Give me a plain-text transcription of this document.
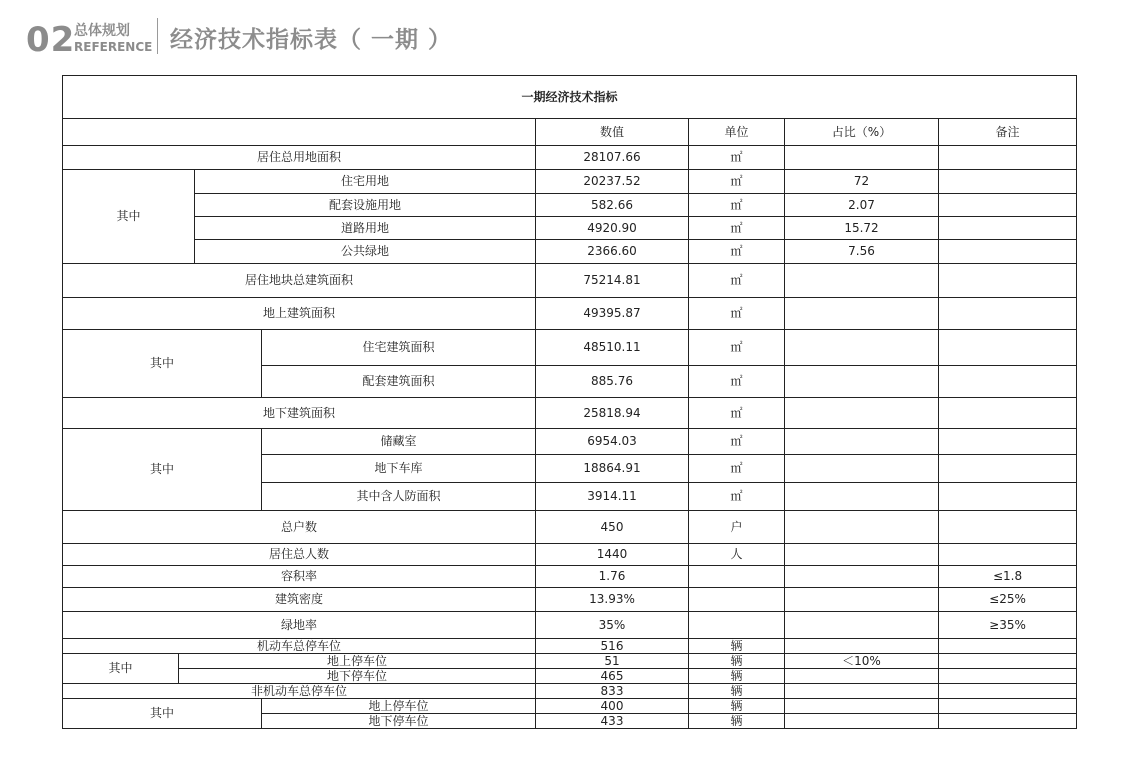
02
总体规划
REFERENCE 经济技术指标表（ 一期 ）
一期经济技术指标							
				数值	单位	占比（%）	备注
居住总用地面积				28107.66	㎡		
其中		住宅用地		20237.52	㎡	72	
		配套设施用地		582.66	㎡	2.07	
		道路用地		4920.90	㎡	15.72	
		公共绿地		2366.60	㎡	7.56	
居住地块总建筑面积				75214.81	㎡		
地上建筑面积				49395.87	㎡		
其中			住宅建筑面积	48510.11	㎡		
			配套建筑面积	885.76	㎡		
地下建筑面积				25818.94	㎡		
其中			储藏室	6954.03	㎡		
			地下车库	18864.91	㎡		
			其中含人防面积	3914.11	㎡		
总户数				450	户		
居住总人数				1440	人		
容积率				1.76			≤1.8
建筑密度				13.93%			≤25%
绿地率				35%			≥35%
机动车总停车位				516	辆		
其中	地上停车位			51	辆	＜10%	
	地下停车位			465	辆		
非机动车总停车位				833	辆		
其中			地上停车位	400	辆		
			地下停车位	433	辆		
